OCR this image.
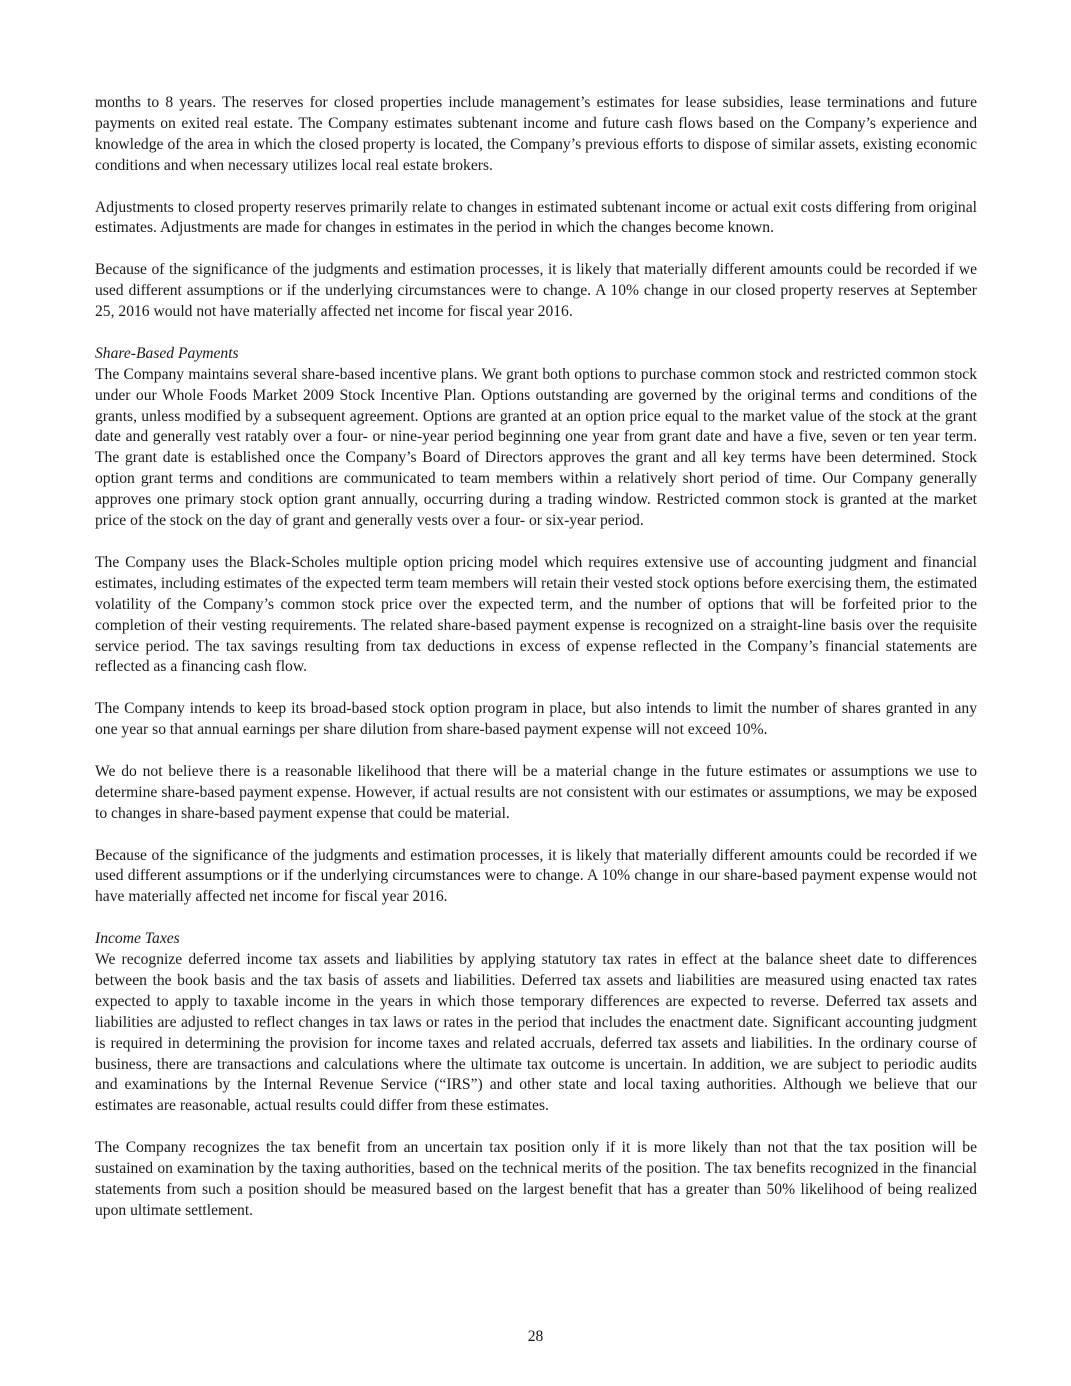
months to 8 years. The reserves for closed properties include management’s estimates for lease subsidies, lease terminations and future payments on exited real estate. The Company estimates subtenant income and future cash flows based on the Company’s experience and knowledge of the area in which the closed property is located, the Company’s previous efforts to dispose of similar assets, existing economic conditions and when necessary utilizes local real estate brokers.

Adjustments to closed property reserves primarily relate to changes in estimated subtenant income or actual exit costs differing from original estimates. Adjustments are made for changes in estimates in the period in which the changes become known.

Because of the significance of the judgments and estimation processes, it is likely that materially different amounts could be recorded if we used different assumptions or if the underlying circumstances were to change. A 10% change in our closed property reserves at September 25, 2016 would not have materially affected net income for fiscal year 2016.

Share-Based Payments

The Company maintains several share-based incentive plans. We grant both options to purchase common stock and restricted common stock under our Whole Foods Market 2009 Stock Incentive Plan. Options outstanding are governed by the original terms and conditions of the grants, unless modified by a subsequent agreement. Options are granted at an option price equal to the market value of the stock at the grant date and generally vest ratably over a four- or nine-year period beginning one year from grant date and have a five, seven or ten year term. The grant date is established once the Company’s Board of Directors approves the grant and all key terms have been determined. Stock option grant terms and conditions are communicated to team members within a relatively short period of time. Our Company generally approves one primary stock option grant annually, occurring during a trading window. Restricted common stock is granted at the market price of the stock on the day of grant and generally vests over a four- or six-year period.

The Company uses the Black-Scholes multiple option pricing model which requires extensive use of accounting judgment and financial estimates, including estimates of the expected term team members will retain their vested stock options before exercising them, the estimated volatility of the Company’s common stock price over the expected term, and the number of options that will be forfeited prior to the completion of their vesting requirements. The related share-based payment expense is recognized on a straight-line basis over the requisite service period. The tax savings resulting from tax deductions in excess of expense reflected in the Company’s financial statements are reflected as a financing cash flow.

The Company intends to keep its broad-based stock option program in place, but also intends to limit the number of shares granted in any one year so that annual earnings per share dilution from share-based payment expense will not exceed 10%.

We do not believe there is a reasonable likelihood that there will be a material change in the future estimates or assumptions we use to determine share-based payment expense. However, if actual results are not consistent with our estimates or assumptions, we may be exposed to changes in share-based payment expense that could be material.

Because of the significance of the judgments and estimation processes, it is likely that materially different amounts could be recorded if we used different assumptions or if the underlying circumstances were to change. A 10% change in our share-based payment expense would not have materially affected net income for fiscal year 2016.

Income Taxes

We recognize deferred income tax assets and liabilities by applying statutory tax rates in effect at the balance sheet date to differences between the book basis and the tax basis of assets and liabilities. Deferred tax assets and liabilities are measured using enacted tax rates expected to apply to taxable income in the years in which those temporary differences are expected to reverse. Deferred tax assets and liabilities are adjusted to reflect changes in tax laws or rates in the period that includes the enactment date. Significant accounting judgment is required in determining the provision for income taxes and related accruals, deferred tax assets and liabilities. In the ordinary course of business, there are transactions and calculations where the ultimate tax outcome is uncertain. In addition, we are subject to periodic audits and examinations by the Internal Revenue Service (“IRS”) and other state and local taxing authorities. Although we believe that our estimates are reasonable, actual results could differ from these estimates.

The Company recognizes the tax benefit from an uncertain tax position only if it is more likely than not that the tax position will be sustained on examination by the taxing authorities, based on the technical merits of the position. The tax benefits recognized in the financial statements from such a position should be measured based on the largest benefit that has a greater than 50% likelihood of being realized upon ultimate settlement.

28
